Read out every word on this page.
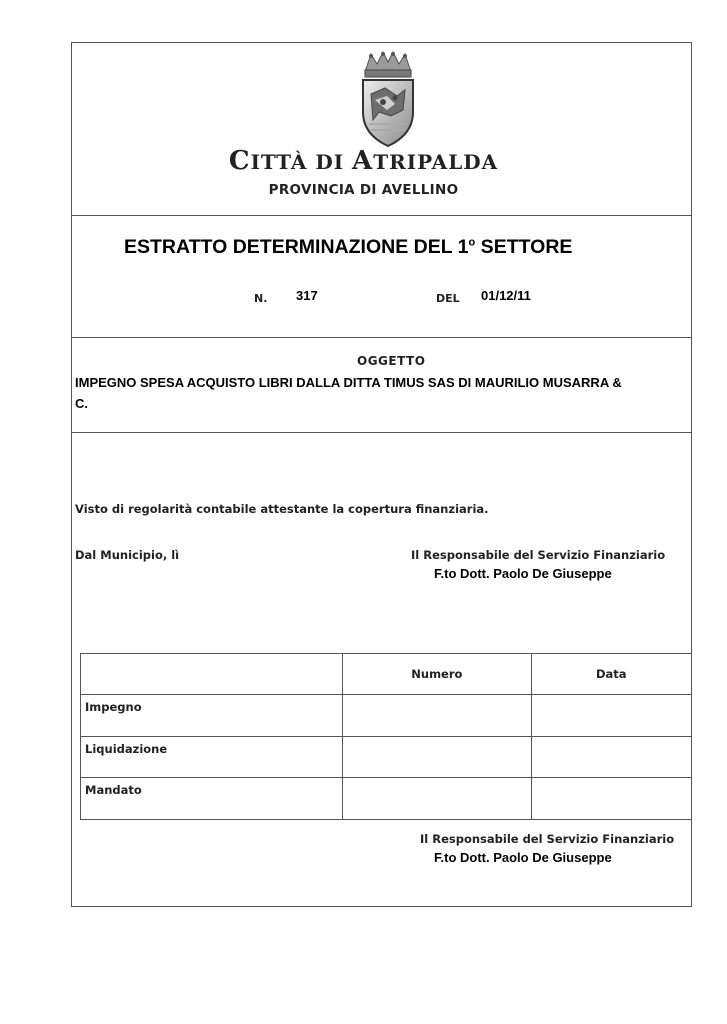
CITTÀ DI ATRIPALDA
PROVINCIA DI AVELLINO
ESTRATTO DETERMINAZIONE DEL 1$^o$ SETTORE
N. 317	DEL 01/12/11
OGGETTO
IMPEGNO SPESA ACQUISTO LIBRI DALLA DITTA TIMUS SAS DI MAURILIO MUSARRA & C.
Visto di regolarità contabile attestante la copertura finanziaria.
Dal Municipio, lì	Il Responsabile del Servizio Finanziario
F.to Dott. Paolo De Giuseppe
	Numero	Data
Impegno		
Liquidazione		
Mandato		
Il Responsabile del Servizio Finanziario
F.to Dott. Paolo De Giuseppe
